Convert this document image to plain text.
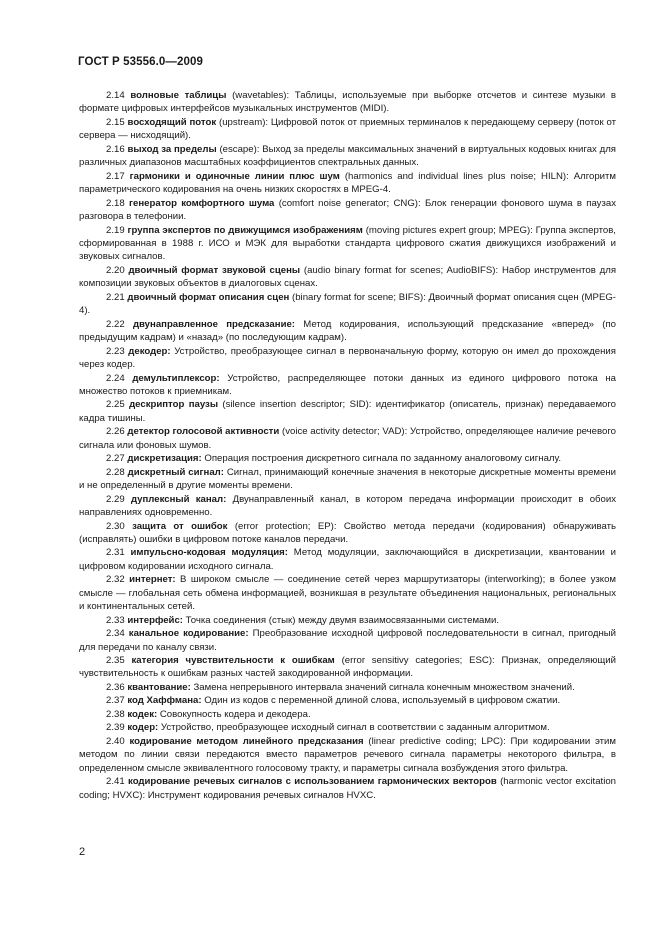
ГОСТ Р 53556.0—2009

2.14 волновые таблицы (wavetables): Таблицы, используемые при выборке отсчетов и синтезе музыки в формате цифровых интерфейсов музыкальных инструментов (MIDI).

2.15 восходящий поток (upstream): Цифровой поток от приемных терминалов к передающему серверу (поток от сервера — нисходящий).

2.16 выход за пределы (escape): Выход за пределы максимальных значений в виртуальных кодовых книгах для различных диапазонов масштабных коэффициентов спектральных данных.

2.17 гармоники и одиночные линии плюс шум (harmonics and individual lines plus noise; HILN): Алгоритм параметрического кодирования на очень низких скоростях в MPEG-4.

2.18 генератор комфортного шума (comfort noise generator; CNG): Блок генерации фонового шума в паузах разговора в телефонии.

2.19 группа экспертов по движущимся изображениям (moving pictures expert group; MPEG): Группа экспертов, сформированная в 1988 г. ИСО и МЭК для выработки стандарта цифрового сжатия движущихся изображений и звуковых сигналов.

2.20 двоичный формат звуковой сцены (audio binary format for scenes; AudioBIFS): Набор инструментов для композиции звуковых объектов в диалоговых сценах.

2.21 двоичный формат описания сцен (binary format for scene; BIFS): Двоичный формат описания сцен (MPEG-4).

2.22 двунаправленное предсказание: Метод кодирования, использующий предсказание «вперед» (по предыдущим кадрам) и «назад» (по последующим кадрам).

2.23 декодер: Устройство, преобразующее сигнал в первоначальную форму, которую он имел до прохождения через кодер.

2.24 демультиплексор: Устройство, распределяющее потоки данных из единого цифрового потока на множество потоков к приемникам.

2.25 дескриптор паузы (silence insertion descriptor; SID): идентификатор (описатель, признак) передаваемого кадра тишины.

2.26 детектор голосовой активности (voice activity detector; VAD): Устройство, определяющее наличие речевого сигнала или фоновых шумов.

2.27 дискретизация: Операция построения дискретного сигнала по заданному аналоговому сигналу.

2.28 дискретный сигнал: Сигнал, принимающий конечные значения в некоторые дискретные моменты времени и не определенный в другие моменты времени.

2.29 дуплексный канал: Двунаправленный канал, в котором передача информации происходит в обоих направлениях одновременно.

2.30 защита от ошибок (error protection; EP): Свойство метода передачи (кодирования) обнаруживать (исправлять) ошибки в цифровом потоке каналов передачи.

2.31 импульсно-кодовая модуляция: Метод модуляции, заключающийся в дискретизации, квантовании и цифровом кодировании исходного сигнала.

2.32 интернет: В широком смысле — соединение сетей через маршрутизаторы (interworking); в более узком смысле — глобальная сеть обмена информацией, возникшая в результате объединения национальных, региональных и континентальных сетей.

2.33 интерфейс: Точка соединения (стык) между двумя взаимосвязанными системами.

2.34 канальное кодирование: Преобразование исходной цифровой последовательности в сигнал, пригодный для передачи по каналу связи.

2.35 категория чувствительности к ошибкам (error sensitivy categories; ESC): Признак, определяющий чувствительность к ошибкам разных частей закодированной информации.

2.36 квантование: Замена непрерывного интервала значений сигнала конечным множеством значений.

2.37 код Хаффмана: Один из кодов с переменной длиной слова, используемый в цифровом сжатии.

2.38 кодек: Совокупность кодера и декодера.

2.39 кодер: Устройство, преобразующее исходный сигнал в соответствии с заданным алгоритмом.

2.40 кодирование методом линейного предсказания (linear predictive coding; LPC): При кодировании этим методом по линии связи передаются вместо параметров речевого сигнала параметры некоторого фильтра, в определенном смысле эквивалентного голосовому тракту, и параметры сигнала возбуждения этого фильтра.

2.41 кодирование речевых сигналов с использованием гармонических векторов (harmonic vector excitation coding; HVXC): Инструмент кодирования речевых сигналов HVXC.

2
